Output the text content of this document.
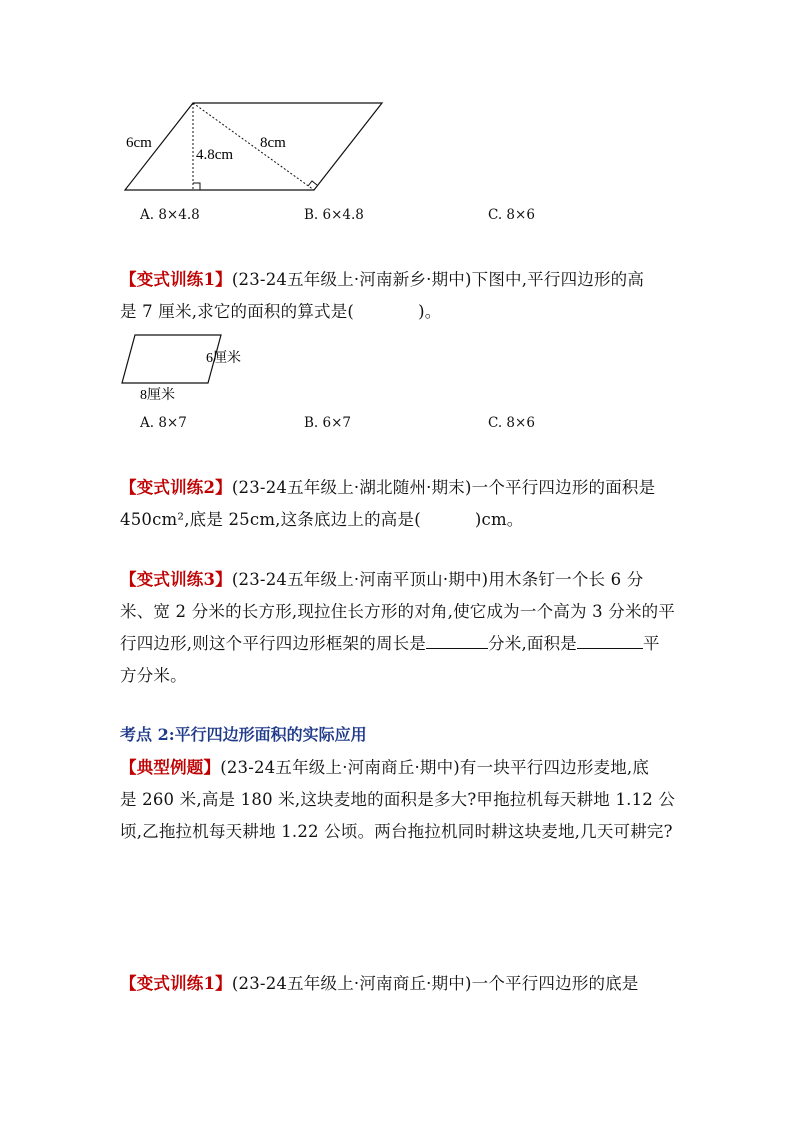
6cm
4.8cm
8cm
A. 8×4.8	B. 6×4.8	C. 8×6
【变式训练1】(23-24五年级上·河南新乡·期中)下图中,平行四边形的高
是 7 厘米,求它的面积的算式是(	)。
6厘米
8厘米
A. 8×7	B. 6×7	C. 8×6
【变式训练2】(23-24五年级上·湖北随州·期末)一个平行四边形的面积是
450cm²,底是 25cm,这条底边上的高是(	)cm。
【变式训练3】(23-24五年级上·河南平顶山·期中)用木条钉一个长 6 分
米、宽 2 分米的长方形,现拉住长方形的对角,使它成为一个高为 3 分米的平
行四边形,则这个平行四边形框架的周长是	分米,面积是	平
方分米。
考点 2:平行四边形面积的实际应用
【典型例题】(23-24五年级上·河南商丘·期中)有一块平行四边形麦地,底
是 260 米,高是 180 米,这块麦地的面积是多大?甲拖拉机每天耕地 1.12 公
顷,乙拖拉机每天耕地 1.22 公顷。两台拖拉机同时耕这块麦地,几天可耕完?
【变式训练1】(23-24五年级上·河南商丘·期中)一个平行四边形的底是
